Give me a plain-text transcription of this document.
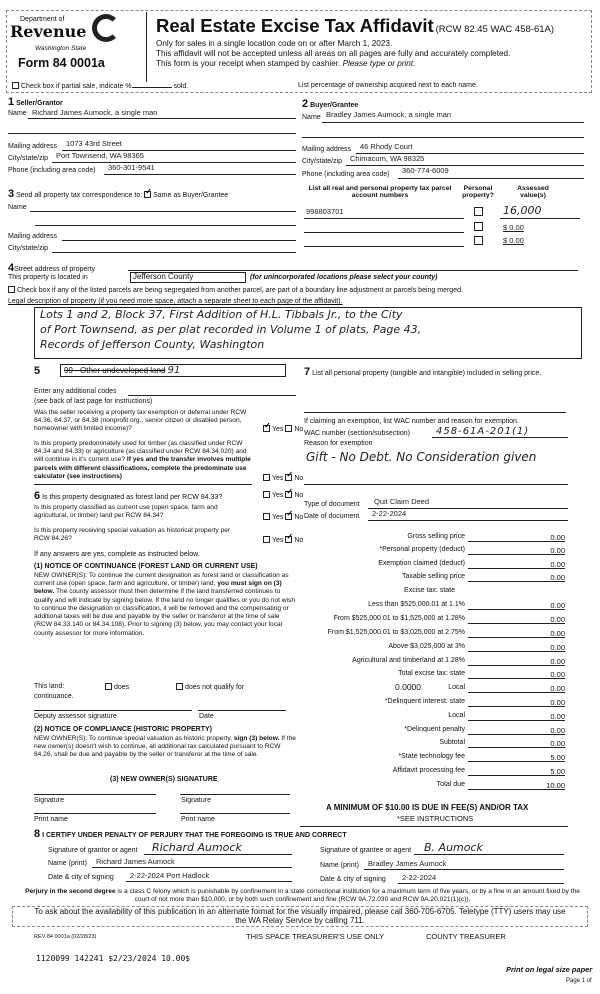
Department of
Revenue
Washington State
Form 84 0001a
Real Estate Excise Tax Affidavit (RCW 82.45 WAC 458-61A)
Only for sales in a single location code on or after March 1, 2023.
This affidavit will not be accepted unless all areas on all pages are fully and accurately completed.
This form is your receipt when stamped by cashier. Please type or print.
Check box if partial sale, indicate %	sold.	List percentage of ownership acquired next to each name.
1 Seller/Grantor
Name Richard James Aumock, a single man
Mailing address 1073 43rd Street
City/state/zip Port Townsend, WA 98365
Phone (including area code) 360-301-9541
2 Buyer/Grantee
Name Bradley James Aumock, a single man
Mailing address 46 Rhody Court
City/state/zip Chimacum, WA 98325
Phone (including area code) 360-774-6009
3 Send all property tax correspondence to: ✓ Same as Buyer/Grantee
Name
Mailing address
City/state/zip
List all real and personal property tax parcel account numbers
Personal property?
Assessed value(s)
998803701	16,000
$ 0.00
$ 0.00
4Street address of property
This property is located in	Jefferson County	(for unincorporated locations please select your county)
Check box if any of the listed parcels are being segregated from another parcel, are part of a boundary line adjustment or parcels being merged.
Legal description of property (if you need more space, attach a separate sheet to each page of the affidavit).
Lots 1 and 2, Block 37, First Addition of H.L. Tibbals Jr., to the City
of Port Townsend, as per plat recorded in Volume 1 of plats, Page 43,
Records of Jefferson County, Washington
5	99 - Other undeveloped land 91
Enter any additional codes
(see back of last page for instructions)
Was the seller receiving a property tax exemption or deferral under RCW 84.36, 84.37, or 84.38 (nonprofit org., senior citizen or disabled person, homeowner with limited income)? ✓	Yes No
Is this property predominately used for timber (as classified under RCW 84.34 and 84.33) or agriculture (as classified under RCW 84.34.020) and will continue in it's current use? If yes and the transfer involves multiple parcels with different classifications, complete the predominate use calculator (see instructions)	Yes ✓ No
6 Is this property designated as forest land per RCW 84.33?	Yes ✓ No
Is this property classified as current use (open space, farm and agricultural, or timber) land per RCW 84.34?	Yes ✓ No
Is this property receiving special valuation as historical property per RCW 84.26?	Yes ✓ No
If any answers are yes, complete as instructed below.
(1) NOTICE OF CONTINUANCE (FOREST LAND OR CURRENT USE)
NEW OWNER(S): To continue the current designation as forest land or classification as current use (open space, farm and agriculture, or timber) land, you must sign on (3) below. The county assessor must then determine if the land transferred continues to qualify and will indicate by signing below. If the land no longer qualifies or you do not wish to continue the designation or classification, it will be removed and the compensating or additional taxes will be due and payable by the seller or transferor at the time of sale (RCW 84.33.140 or 84.34.108). Prior to signing (3) below, you may contact your local county assessor for more information.
This land:	does	does not qualify for
continuance.
Deputy assessor signature	Date
(2) NOTICE OF COMPLIANCE (HISTORIC PROPERTY)
NEW OWNER(S): To continue special valuation as historic property, sign (3) below. If the new owner(s) doesn't wish to continue, all additional tax calculated pursuant to RCW 84.26, shall be due and payable by the seller or transferor at the time of sale.
(3) NEW OWNER(S) SIGNATURE
Signature	Signature
Print name	Print name
7 List all personal property (tangible and intangible) included in selling price.
If claiming an exemption, list WAC number and reason for exemption.
WAC number (section/subsection)	458-61A-201(1)
Reason for exemption
Gift - No Debt. No Consideration given
Type of document Quit Claim Deed
Date of document 2-22-2024
Gross selling price	0.00
*Personal property (deduct)	0.00
Exemption claimed (deduct)	0.00
Taxable selling price	0.00
Excise tax: state
Less than $525,000.01 at 1.1%	0.00
From $525,000.01 to $1,525,000 at 1.28%	0.00
From $1,525,000.01 to $3,025,000 at 2.75%	0.00
Above $3,025,000 at 3%	0.00
Agricultural and timberland at 1.28%	0.00
Total excise tax: state	0.00
Local	0.00
*Delinquent interest: state	0.00
Local	0.00
*Delinquent penalty	0.00
Subtotal	0.00
*State technology fee	5.00
Affidavit processing fee	5.00
Total due	10.00
0.0000
A MINIMUM OF $10.00 IS DUE IN FEE(S) AND/OR TAX
*SEE INSTRUCTIONS
8 I CERTIFY UNDER PENALTY OF PERJURY THAT THE FOREGOING IS TRUE AND CORRECT
Signature of grantor or agent Richard Aumock
Name (print) Richard James Aumock
Date & city of signing 2-22-2024 Port Hadlock
Signature of grantee or agent B. Aumock
Name (print) Bradley James Aumock
Date & city of signing 2-22-2024
Perjury in the second degree is a class C felony which is punishable by confinement in a state correctional institution for a maximum term of five years, or by a fine in an amount fixed by the court of not more than $10,000, or by both such confinement and fine (RCW 9A.72.030 and RCW 9A.20.021(1)(c)).
To ask about the availability of this publication in an alternate format for the visually impaired, please call 360-705-6705. Teletype (TTY) users may use the WA Relay Service by calling 711.
REV 84 0001a (02/28/23)	THIS SPACE TREASURER'S USE ONLY	COUNTY TREASURER
1120099 142241 $2/23/2024 10.00$
Print on legal size paper
Page 1 of
